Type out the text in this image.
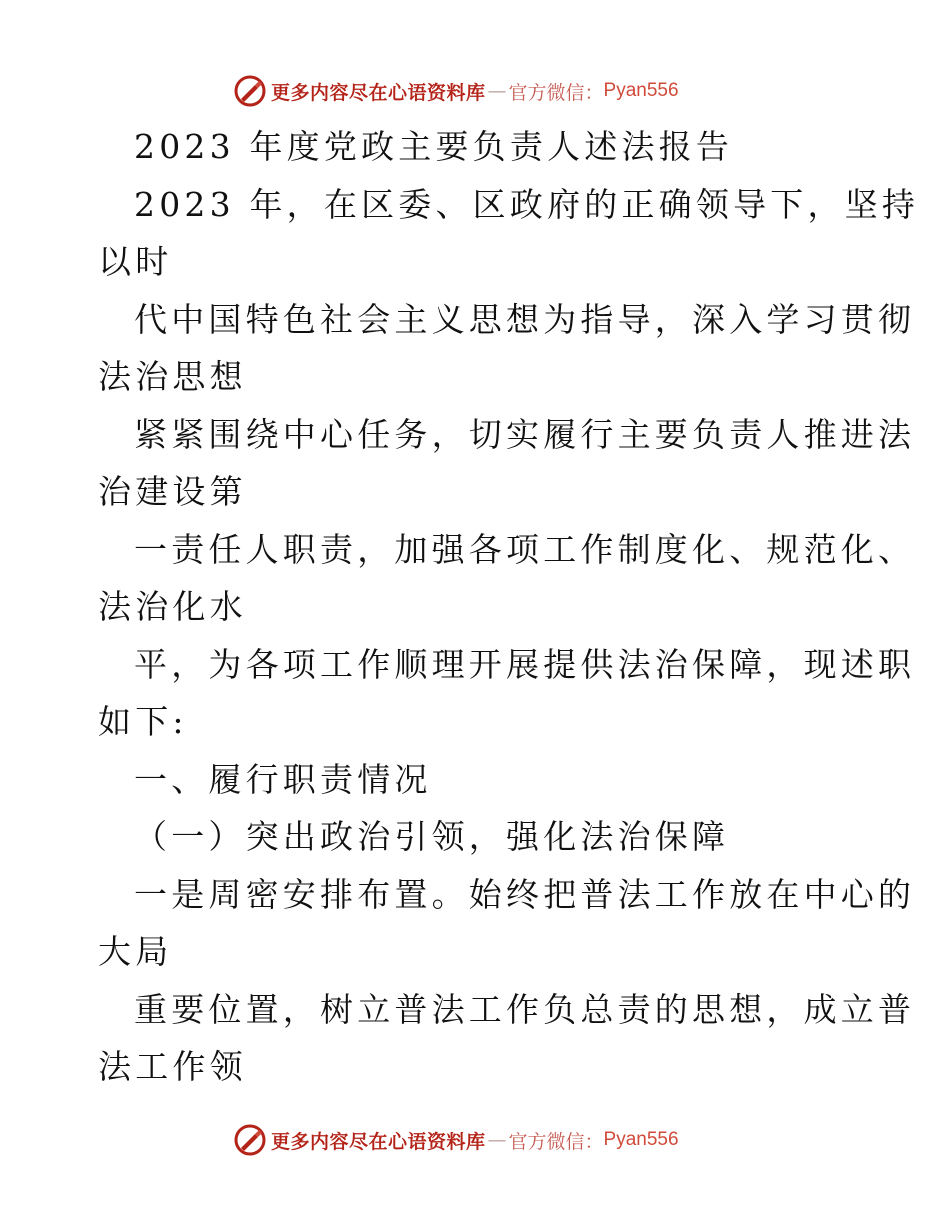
更多内容尽在心语资料库 — 官方微信： Pyan556
2023 年度党政主要负责人述法报告
2023 年，在区委、区政府的正确领导下，坚持
以时
代中国特色社会主义思想为指导，深入学习贯彻
法治思想
紧紧围绕中心任务，切实履行主要负责人推进法
治建设第
一责任人职责，加强各项工作制度化、规范化、
法治化水
平，为各项工作顺理开展提供法治保障，现述职
如下:
一、履行职责情况
（一）突出政治引领，强化法治保障
一是周密安排布置。始终把普法工作放在中心的
大局
重要位置，树立普法工作负总责的思想，成立普
法工作领
更多内容尽在心语资料库 — 官方微信： Pyan556
